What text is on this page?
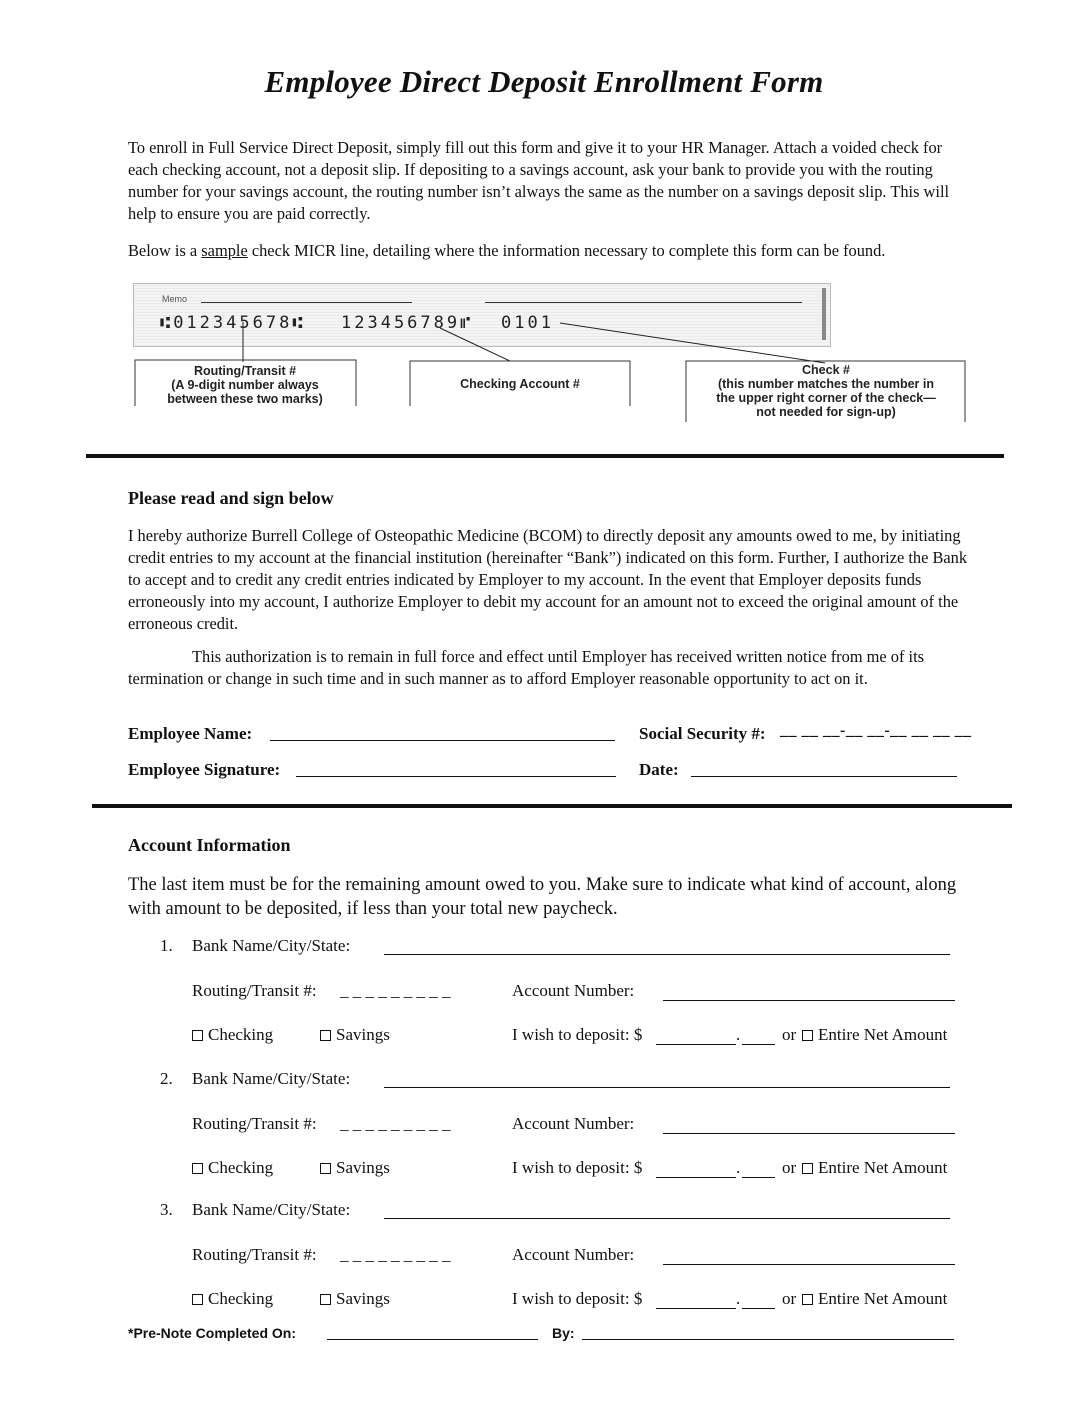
Employee Direct Deposit Enrollment Form
To enroll in Full Service Direct Deposit, simply fill out this form and give it to your HR Manager. Attach a voided check for each checking account, not a deposit slip. If depositing to a savings account, ask your bank to provide you with the routing number for your savings account, the routing number isn’t always the same as the number on a savings deposit slip. This will help to ensure you are paid correctly.
Below is a sample check MICR line, detailing where the information necessary to complete this form can be found.
Memo
⑆012345678⑆ 123456789⑈ 0101
Routing/Transit #
(A 9-digit number always
between these two marks)
Checking Account #
Check #
(this number matches the number in
the upper right corner of the check—
not needed for sign-up)
Please read and sign below
I hereby authorize Burrell College of Osteopathic Medicine (BCOM) to directly deposit any amounts owed to me, by initiating credit entries to my account at the financial institution (hereinafter “Bank”) indicated on this form. Further, I authorize the Bank to accept and to credit any credit entries indicated by Employer to my account. In the event that Employer deposits funds erroneously into my account, I authorize Employer to debit my account for an amount not to exceed the original amount of the erroneous credit.
This authorization is to remain in full force and effect until Employer has received written notice from me of its termination or change in such time and in such manner as to afford Employer reasonable opportunity to act on it.
Employee Name:	Social Security #: __ __ __-__ __-__ __ __ __
Employee Signature:	Date:
Account Information
The last item must be for the remaining amount owed to you. Make sure to indicate what kind of account, along with amount to be deposited, if less than your total new paycheck.
1. Bank Name/City/State:
Routing/Transit #: _ _ _ _ _ _ _ _ _	Account Number:
Checking	Savings	I wish to deposit: $	. or	Entire Net Amount
2. Bank Name/City/State:
Routing/Transit #: _ _ _ _ _ _ _ _ _	Account Number:
Checking	Savings	I wish to deposit: $	. or	Entire Net Amount
3. Bank Name/City/State:
Routing/Transit #: _ _ _ _ _ _ _ _ _	Account Number:
Checking	Savings	I wish to deposit: $	. or	Entire Net Amount
*Pre-Note Completed On:	By:
